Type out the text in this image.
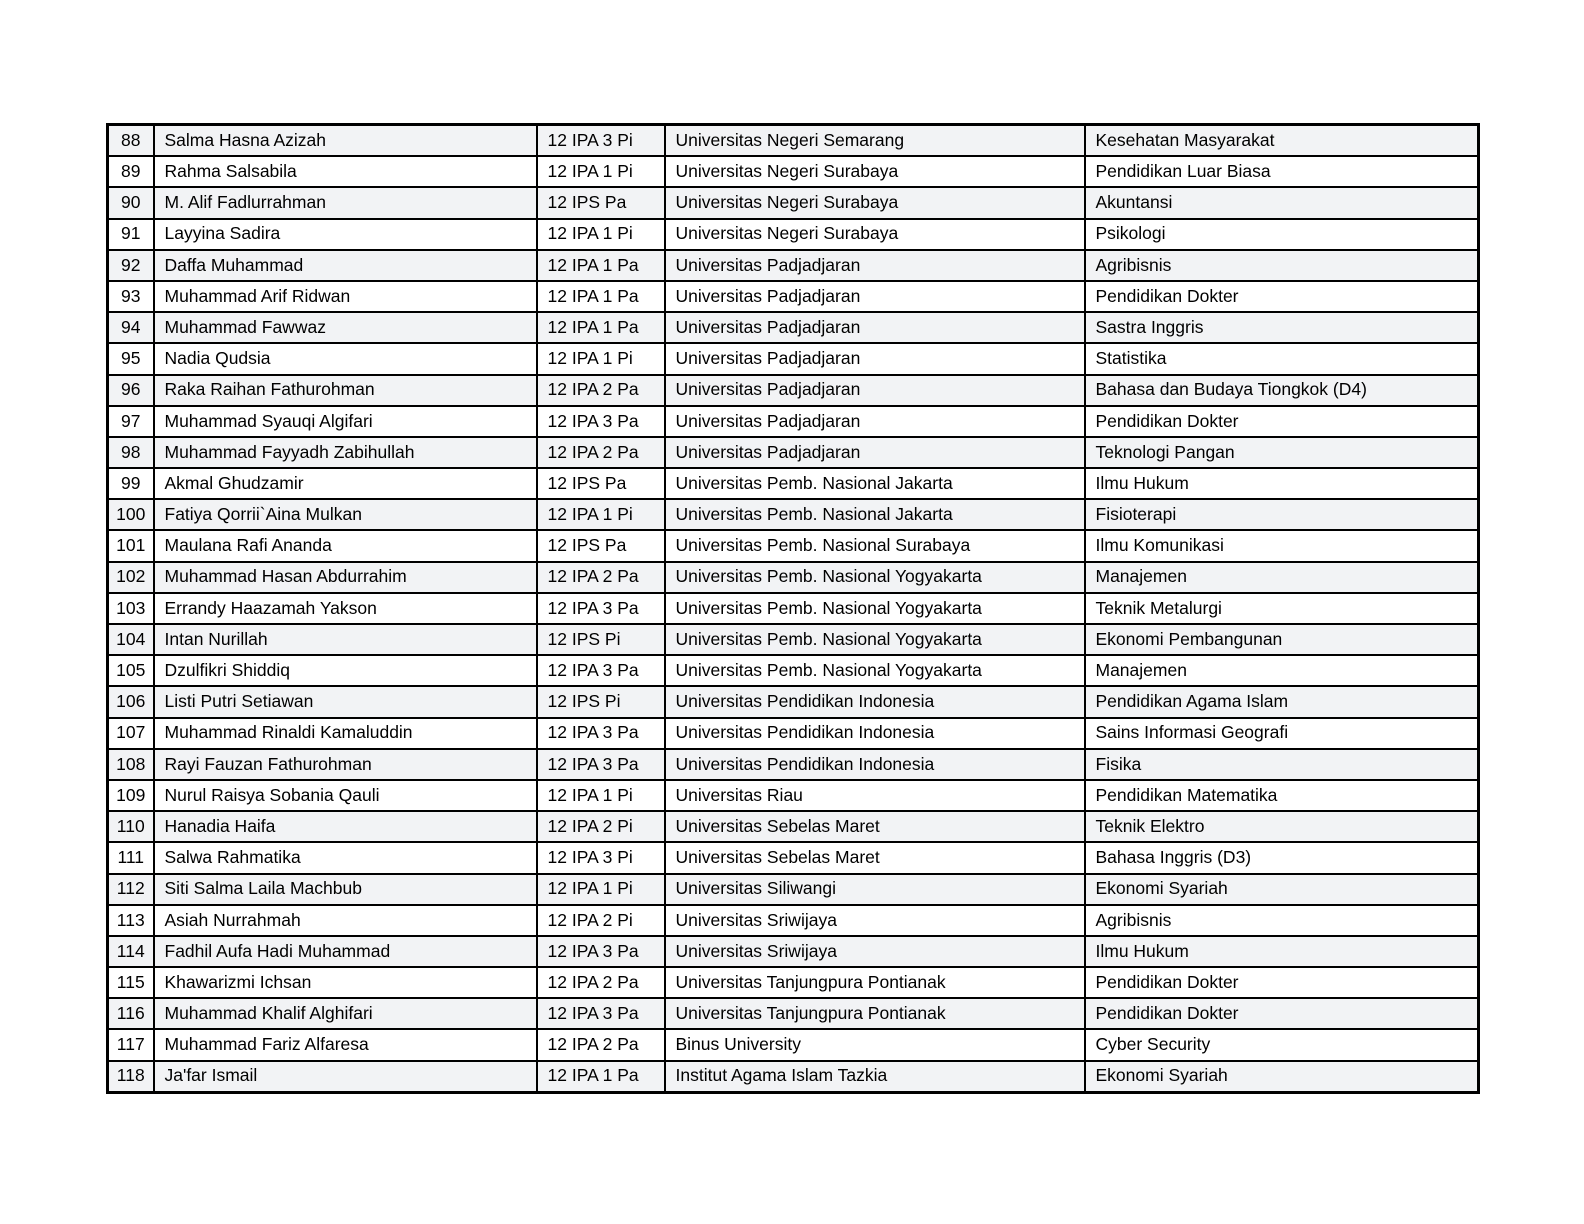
88	Salma Hasna Azizah	12 IPA 3 Pi	Universitas Negeri Semarang	Kesehatan Masyarakat
89	Rahma Salsabila	12 IPA 1 Pi	Universitas Negeri Surabaya	Pendidikan Luar Biasa
90	M. Alif Fadlurrahman	12 IPS Pa	Universitas Negeri Surabaya	Akuntansi
91	Layyina Sadira	12 IPA 1 Pi	Universitas Negeri Surabaya	Psikologi
92	Daffa Muhammad	12 IPA 1 Pa	Universitas Padjadjaran	Agribisnis
93	Muhammad Arif Ridwan	12 IPA 1 Pa	Universitas Padjadjaran	Pendidikan Dokter
94	Muhammad Fawwaz	12 IPA 1 Pa	Universitas Padjadjaran	Sastra Inggris
95	Nadia Qudsia	12 IPA 1 Pi	Universitas Padjadjaran	Statistika
96	Raka Raihan Fathurohman	12 IPA 2 Pa	Universitas Padjadjaran	Bahasa dan Budaya Tiongkok (D4)
97	Muhammad Syauqi Algifari	12 IPA 3 Pa	Universitas Padjadjaran	Pendidikan Dokter
98	Muhammad Fayyadh Zabihullah	12 IPA 2 Pa	Universitas Padjadjaran	Teknologi Pangan
99	Akmal Ghudzamir	12 IPS Pa	Universitas Pemb. Nasional Jakarta	Ilmu Hukum
100	Fatiya Qorrii`Aina Mulkan	12 IPA 1 Pi	Universitas Pemb. Nasional Jakarta	Fisioterapi
101	Maulana Rafi Ananda	12 IPS Pa	Universitas Pemb. Nasional Surabaya	Ilmu Komunikasi
102	Muhammad Hasan Abdurrahim	12 IPA 2 Pa	Universitas Pemb. Nasional Yogyakarta	Manajemen
103	Errandy Haazamah Yakson	12 IPA 3 Pa	Universitas Pemb. Nasional Yogyakarta	Teknik Metalurgi
104	Intan Nurillah	12 IPS Pi	Universitas Pemb. Nasional Yogyakarta	Ekonomi Pembangunan
105	Dzulfikri Shiddiq	12 IPA 3 Pa	Universitas Pemb. Nasional Yogyakarta	Manajemen
106	Listi Putri Setiawan	12 IPS Pi	Universitas Pendidikan Indonesia	Pendidikan Agama Islam
107	Muhammad Rinaldi Kamaluddin	12 IPA 3 Pa	Universitas Pendidikan Indonesia	Sains Informasi Geografi
108	Rayi Fauzan Fathurohman	12 IPA 3 Pa	Universitas Pendidikan Indonesia	Fisika
109	Nurul Raisya Sobania Qauli	12 IPA 1 Pi	Universitas Riau	Pendidikan Matematika
110	Hanadia Haifa	12 IPA 2 Pi	Universitas Sebelas Maret	Teknik Elektro
111	Salwa Rahmatika	12 IPA 3 Pi	Universitas Sebelas Maret	Bahasa Inggris (D3)
112	Siti Salma Laila Machbub	12 IPA 1 Pi	Universitas Siliwangi	Ekonomi Syariah
113	Asiah Nurrahmah	12 IPA 2 Pi	Universitas Sriwijaya	Agribisnis
114	Fadhil Aufa Hadi Muhammad	12 IPA 3 Pa	Universitas Sriwijaya	Ilmu Hukum
115	Khawarizmi Ichsan	12 IPA 2 Pa	Universitas Tanjungpura Pontianak	Pendidikan Dokter
116	Muhammad Khalif Alghifari	12 IPA 3 Pa	Universitas Tanjungpura Pontianak	Pendidikan Dokter
117	Muhammad Fariz Alfaresa	12 IPA 2 Pa	Binus University	Cyber Security
118	Ja'far Ismail	12 IPA 1 Pa	Institut Agama Islam Tazkia	Ekonomi Syariah
